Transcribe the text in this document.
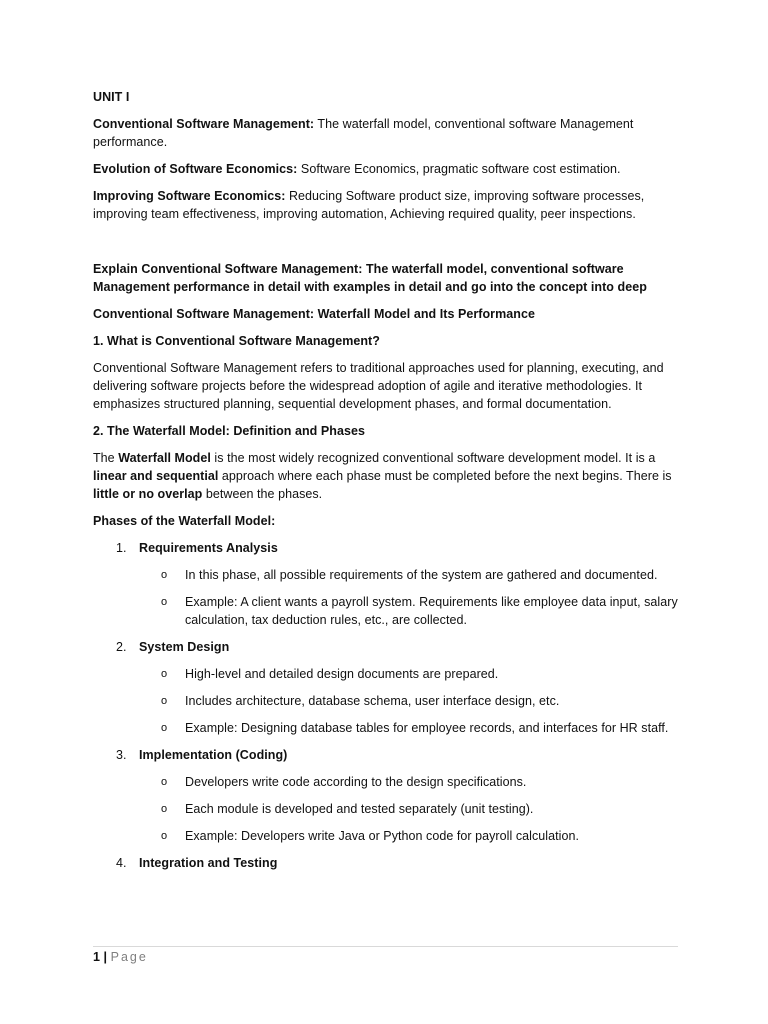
UNIT I

Conventional Software Management: The waterfall model, conventional software Management performance.

Evolution of Software Economics: Software Economics, pragmatic software cost estimation.

Improving Software Economics: Reducing Software product size, improving software processes, improving team effectiveness, improving automation, Achieving required quality, peer inspections.

Explain Conventional Software Management: The waterfall model, conventional software Management performance in detail with examples in detail and go into the concept into deep

Conventional Software Management: Waterfall Model and Its Performance

1. What is Conventional Software Management?

Conventional Software Management refers to traditional approaches used for planning, executing, and delivering software projects before the widespread adoption of agile and iterative methodologies. It emphasizes structured planning, sequential development phases, and formal documentation.

2. The Waterfall Model: Definition and Phases

The Waterfall Model is the most widely recognized conventional software development model. It is a linear and sequential approach where each phase must be completed before the next begins. There is little or no overlap between the phases.

Phases of the Waterfall Model:

1. Requirements Analysis
o In this phase, all possible requirements of the system are gathered and documented.
o Example: A client wants a payroll system. Requirements like employee data input, salary calculation, tax deduction rules, etc., are collected.
2. System Design
o High-level and detailed design documents are prepared.
o Includes architecture, database schema, user interface design, etc.
o Example: Designing database tables for employee records, and interfaces for HR staff.
3. Implementation (Coding)
o Developers write code according to the design specifications.
o Each module is developed and tested separately (unit testing).
o Example: Developers write Java or Python code for payroll calculation.
4. Integration and Testing
1 | Page
